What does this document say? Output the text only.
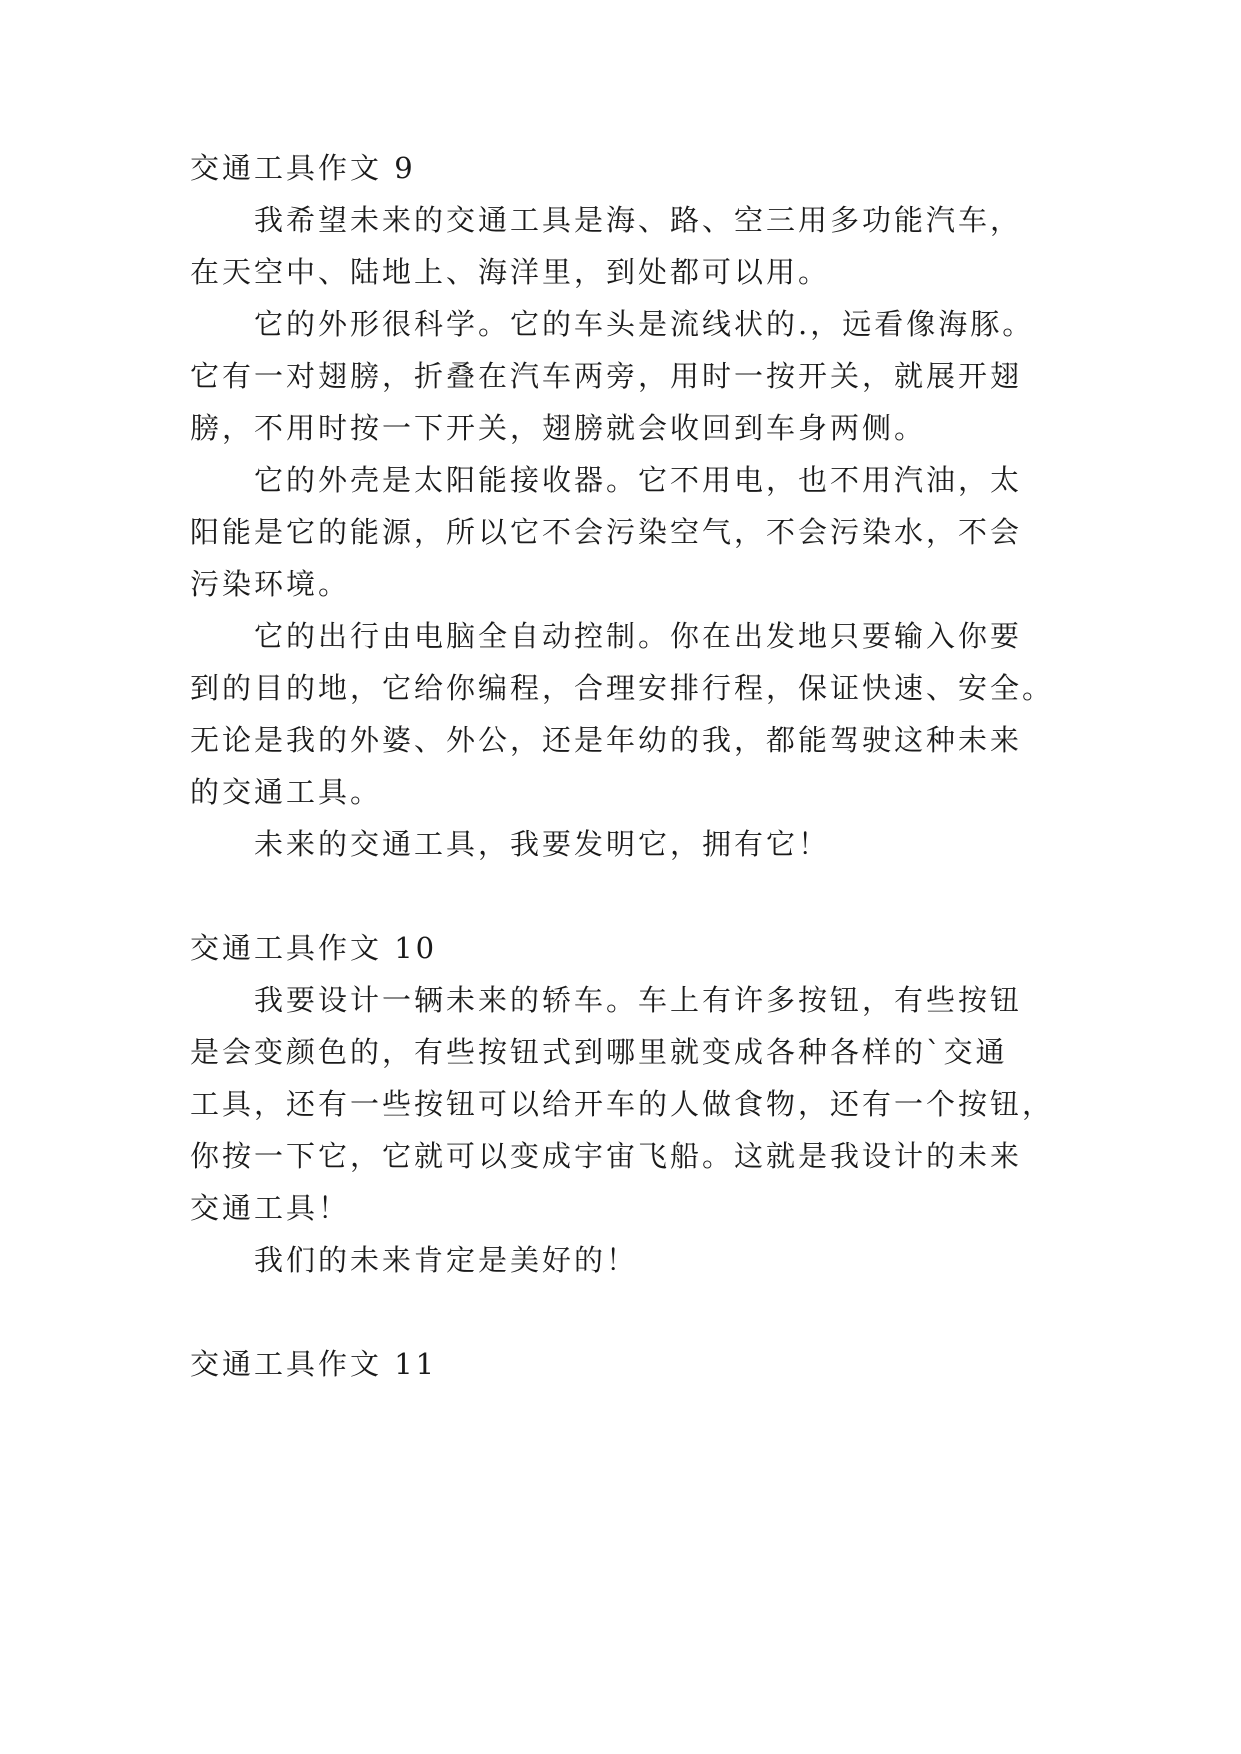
交通工具作文 9
我希望未来的交通工具是海、路、空三用多功能汽车，
在天空中、陆地上、海洋里，到处都可以用。
它的外形很科学。它的车头是流线状的.，远看像海豚。
它有一对翅膀，折叠在汽车两旁，用时一按开关，就展开翅
膀，不用时按一下开关，翅膀就会收回到车身两侧。
它的外壳是太阳能接收器。它不用电，也不用汽油，太
阳能是它的能源，所以它不会污染空气，不会污染水，不会
污染环境。
它的出行由电脑全自动控制。你在出发地只要输入你要
到的目的地，它给你编程，合理安排行程，保证快速、安全。
无论是我的外婆、外公，还是年幼的我，都能驾驶这种未来
的交通工具。
未来的交通工具，我要发明它，拥有它！
交通工具作文 10
我要设计一辆未来的轿车。车上有许多按钮，有些按钮
是会变颜色的，有些按钮式到哪里就变成各种各样的`交通
工具，还有一些按钮可以给开车的人做食物，还有一个按钮，
你按一下它，它就可以变成宇宙飞船。这就是我设计的未来
交通工具！
我们的未来肯定是美好的！
交通工具作文 11
